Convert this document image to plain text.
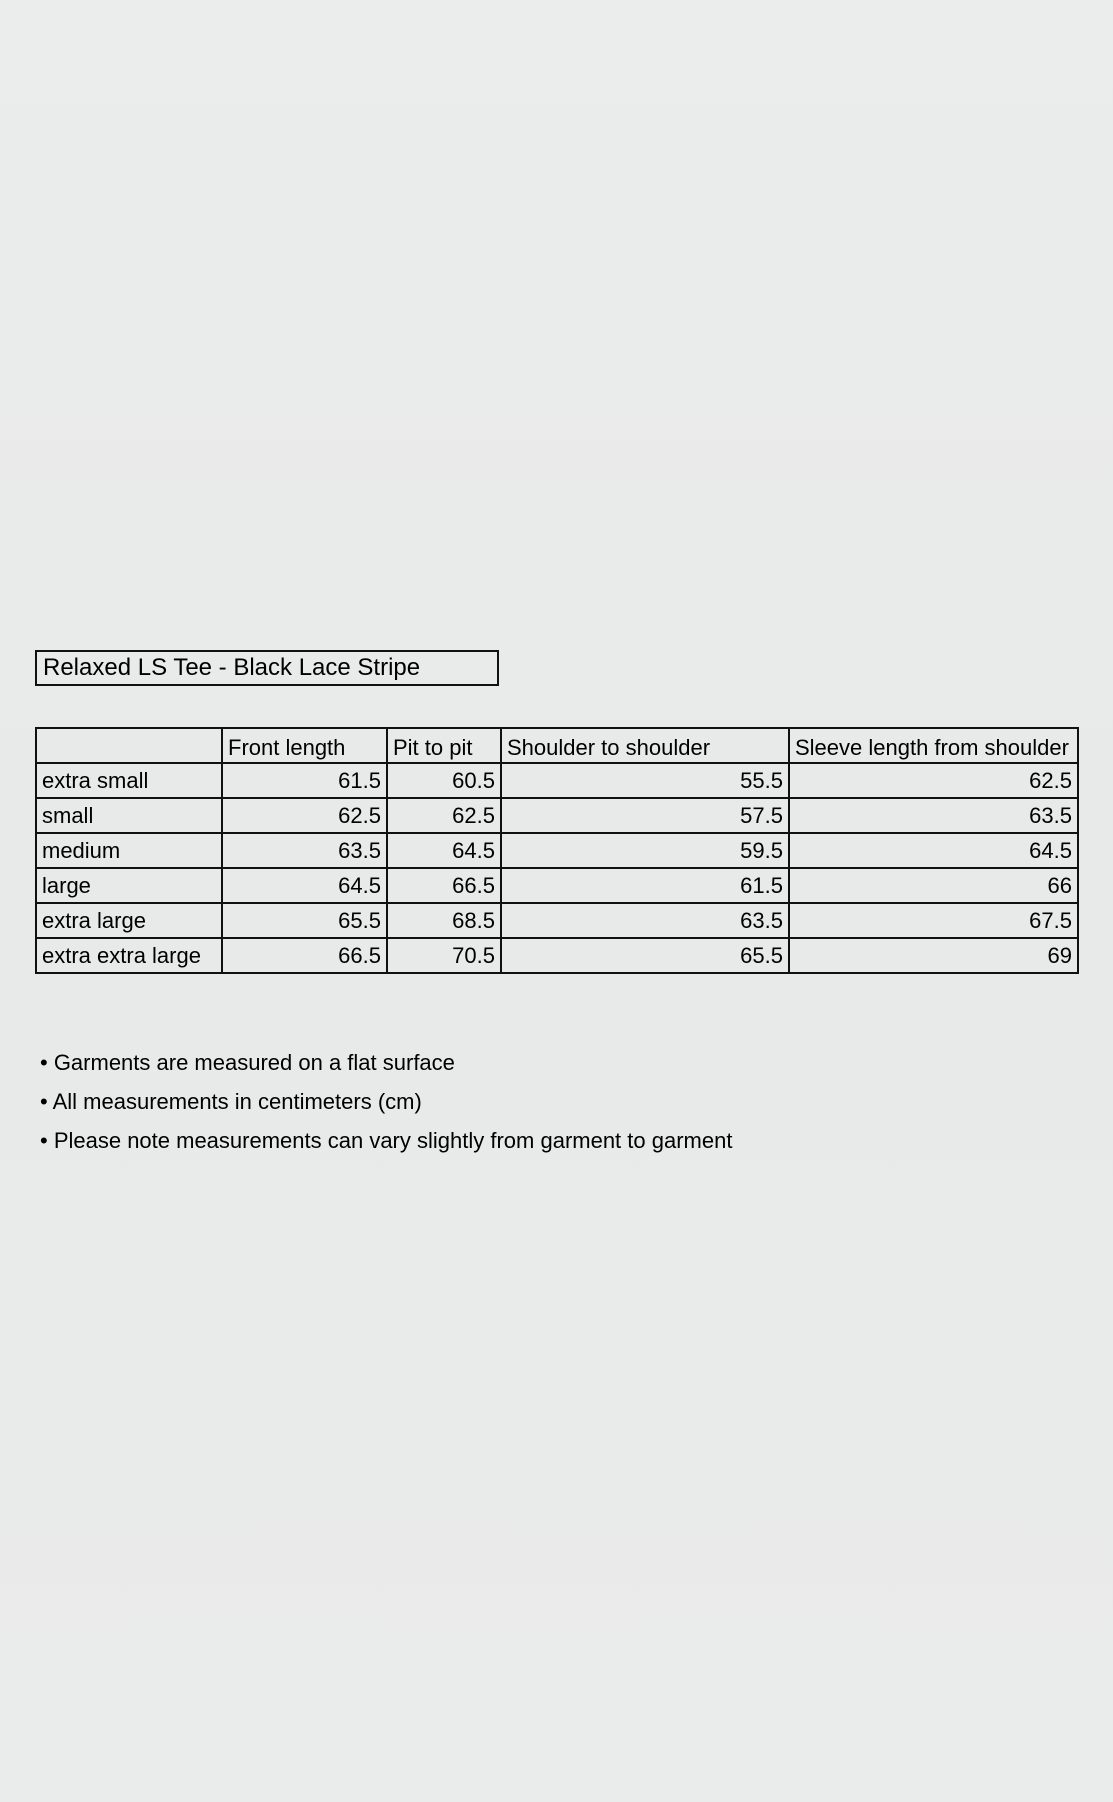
Relaxed LS Tee - Black Lace Stripe
	Front length	Pit to pit	Shoulder to shoulder	Sleeve length from shoulder
extra small	61.5	60.5	55.5	62.5
small	62.5	62.5	57.5	63.5
medium	63.5	64.5	59.5	64.5
large	64.5	66.5	61.5	66
extra large	65.5	68.5	63.5	67.5
extra extra large	66.5	70.5	65.5	69
• Garments are measured on a flat surface
• All measurements in centimeters (cm)
• Please note measurements can vary slightly from garment to garment
